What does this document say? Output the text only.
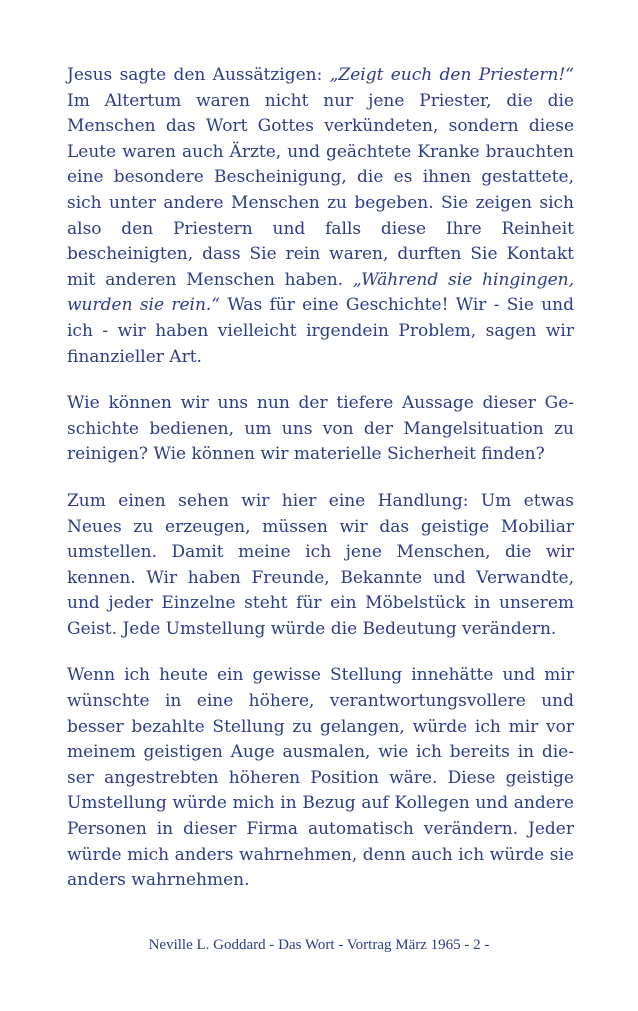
Jesus sagte den Aussätzigen: „Zeigt euch den Priestern!“ Im Altertum waren nicht nur jene Priester, die die Menschen das Wort Gottes verkündeten, sondern diese Leute waren auch Ärzte, und geächtete Kranke brauchten eine besondere Bescheinigung, die es ihnen gestattete, sich unter andere Menschen zu begeben. Sie zeigen sich also den Priestern und falls diese Ihre Reinheit bescheinigten, dass Sie rein waren, durften Sie Kontakt mit anderen Menschen haben. „Während sie hingingen, wurden sie rein.“ Was für eine Geschichte! Wir - Sie und ich - wir haben vielleicht irgendein Problem, sagen wir finanzieller Art.

Wie können wir uns nun der tiefere Aussage dieser Geschichte bedienen, um uns von der Mangelsituation zu reinigen? Wie können wir materielle Sicherheit finden?

Zum einen sehen wir hier eine Handlung: Um etwas Neues zu erzeugen, müssen wir das geistige Mobiliar umstellen. Damit meine ich jene Menschen, die wir kennen. Wir haben Freunde, Bekannte und Verwandte, und jeder Einzelne steht für ein Möbelstück in unserem Geist. Jede Umstellung würde die Bedeutung verändern.

Wenn ich heute ein gewisse Stellung innehätte und mir wünschte in eine höhere, verantwortungsvollere und besser bezahlte Stellung zu gelangen, würde ich mir vor meinem geistigen Auge ausmalen, wie ich bereits in dieser angestrebten höheren Position wäre. Diese geistige Umstellung würde mich in Bezug auf Kollegen und andere Personen in dieser Firma automatisch verändern. Jeder würde mich anders wahrnehmen, denn auch ich würde sie anders wahrnehmen.

Neville L. Goddard - Das Wort - Vortrag März 1965 - 2 -
